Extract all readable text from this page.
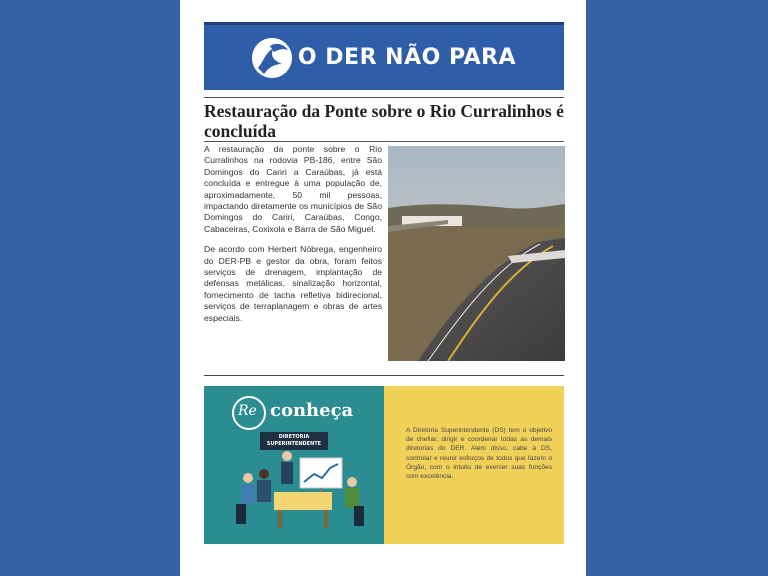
O DER NÃO PARA
Restauração da Ponte sobre o Rio Curralinhos é concluída

A restauração da ponte sobre o Rio Curralinhos na rodovia PB-186, entre São Domingos do Cariri a Caraúbas, já está concluída e entregue à uma população de, aproximadamente, 50 mil pessoas, impactando diretamente os municípios de São Domingos do Cariri, Caraúbas, Congo, Cabaceiras, Coxixola e Barra de São Miguel.

De acordo com Herbert Nóbrega, engenheiro do DER-PB e gestor da obra, foram feitos serviços de drenagem, implantação de defensas metálicas, sinalização horizontal, fornecimento de tacha refletiva bidirecional, serviços de terraplanagem e obras de artes especiais.

Re conheça
DIRETORIA SUPERINTENDENTE
A Diretoria Superintendente (DS) tem o objetivo de chefiar, dirigir e coordenar todas as demais diretorias do DER. Além disso, cabe à DS, controlar e reunir esforços de todos que fazem o Órgão, com o intuito de exercer suas funções com excelência.
